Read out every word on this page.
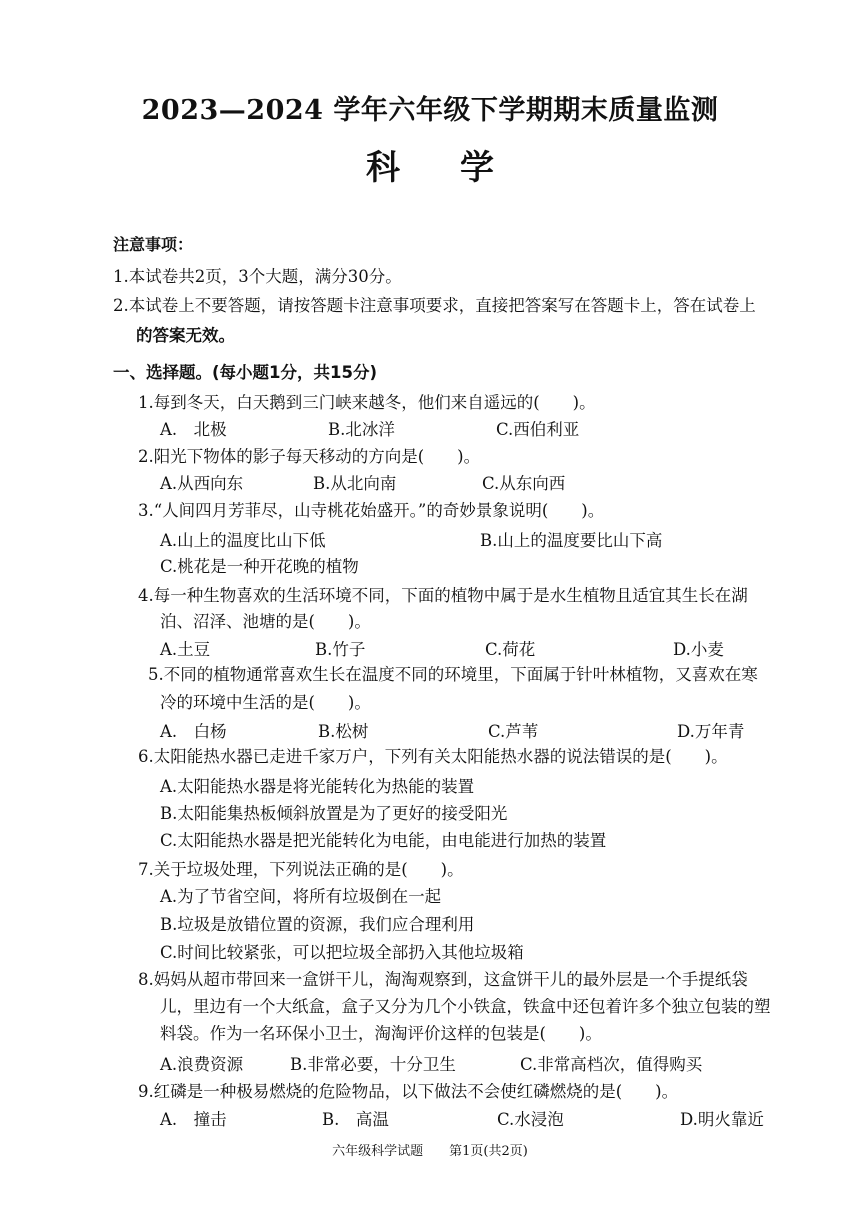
2023—2024 学年六年级下学期期末质量监测
科学
注意事项：
1.本试卷共2页，3个大题，满分30分。
2.本试卷上不要答题，请按答题卡注意事项要求，直接把答案写在答题卡上，答在试卷上
的答案无效。
一、选择题。(每小题1分，共15分)
1.每到冬天，白天鹅到三门峡来越冬，他们来自遥远的(　　)。
A.　北极	B.北冰洋	C.西伯利亚
2.阳光下物体的影子每天移动的方向是(　　)。
A.从西向东	B.从北向南	C.从东向西
3.“人间四月芳菲尽，山寺桃花始盛开。”的奇妙景象说明(　　)。
A.山上的温度比山下低	B.山上的温度要比山下高
C.桃花是一种开花晚的植物
4.每一种生物喜欢的生活环境不同，下面的植物中属于是水生植物且适宜其生长在湖
泊、沼泽、池塘的是(　　)。
A.土豆	B.竹子	C.荷花	D.小麦
5.不同的植物通常喜欢生长在温度不同的环境里，下面属于针叶林植物，又喜欢在寒
冷的环境中生活的是(　　)。
A.　白杨	B.松树	C.芦苇	D.万年青
6.太阳能热水器已走进千家万户，下列有关太阳能热水器的说法错误的是(　　)。
A.太阳能热水器是将光能转化为热能的装置
B.太阳能集热板倾斜放置是为了更好的接受阳光
C.太阳能热水器是把光能转化为电能，由电能进行加热的装置
7.关于垃圾处理，下列说法正确的是(　　)。
A.为了节省空间，将所有垃圾倒在一起
B.垃圾是放错位置的资源，我们应合理利用
C.时间比较紧张，可以把垃圾全部扔入其他垃圾箱
8.妈妈从超市带回来一盒饼干儿，淘淘观察到，这盒饼干儿的最外层是一个手提纸袋
儿，里边有一个大纸盒，盒子又分为几个小铁盒，铁盒中还包着许多个独立包装的塑
料袋。作为一名环保小卫士，淘淘评价这样的包装是(　　)。
A.浪费资源	B.非常必要，十分卫生	C.非常高档次，值得购买
9.红磷是一种极易燃烧的危险物品，以下做法不会使红磷燃烧的是(　　)。
A.　撞击	B.　高温	C.水浸泡	D.明火靠近
六年级科学试题　　第1页(共2页)
